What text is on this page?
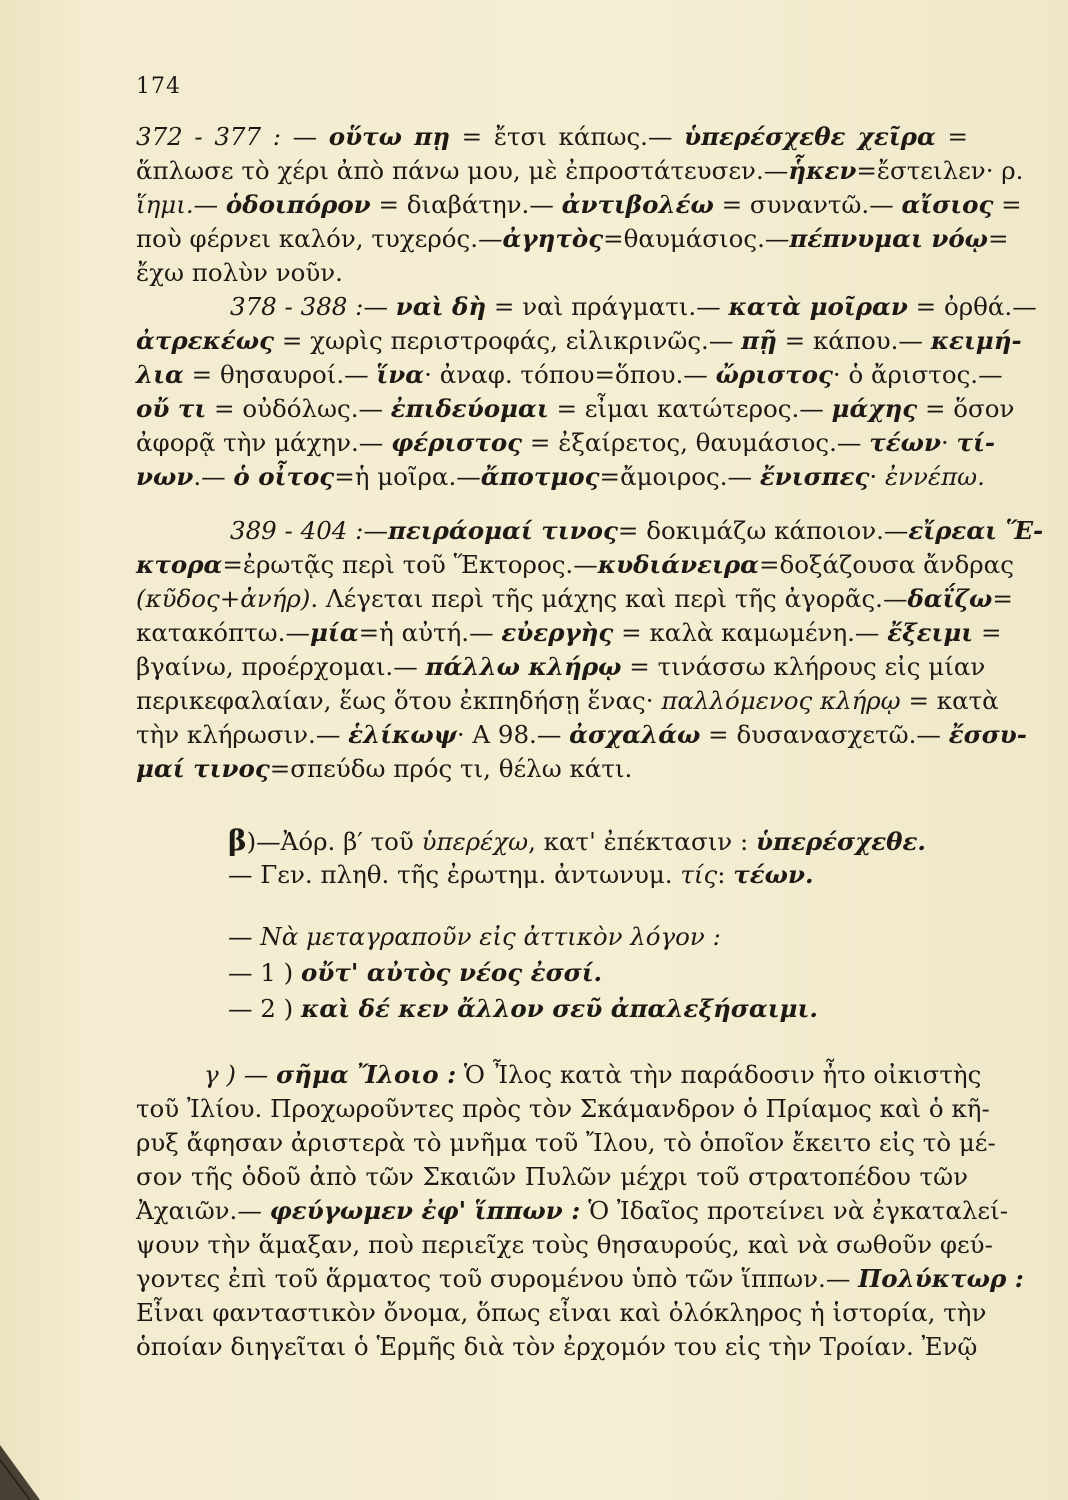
174
372 - 377 : — οὕτω πῃ = ἔτσι κάπως.— ὑπερέσχεθε χεῖρα =
ἅπλωσε τὸ χέρι ἀπὸ πάνω μου, μὲ ἐπροστάτευσεν.—ἧκεν=ἔστειλεν· ρ.
ἵημι.— ὁδοιπόρον = διαβάτην.— ἀντιβολέω = συναντῶ.— αἴσιος =
ποὺ φέρνει καλόν, τυχερός.—ἀγητὸς=θαυμάσιος.—πέπνυμαι νόῳ=
ἔχω πολὺν νοῦν.
378 - 388 :— ναὶ δὴ = ναὶ πράγματι.— κατὰ μοῖραν = ὀρθά.—
ἀτρεκέως = χωρὶς περιστροφάς, εἰλικρινῶς.— πῇ = κάπου.— κειμή-
λια = θησαυροί.— ἵνα· ἀναφ. τόπου=ὅπου.— ὤριστος· ὁ ἄριστος.—
οὔ τι = οὐδόλως.— ἐπιδεύομαι = εἶμαι κατώτερος.— μάχης = ὅσον
ἀφορᾷ τὴν μάχην.— φέριστος = ἐξαίρετος, θαυμάσιος.— τέων· τί-
νων.— ὁ οἶτος=ἡ μοῖρα.—ἄποτμος=ἄμοιρος.— ἔνισπες· ἐννέπω.
389 - 404 :—πειράομαί τινος= δοκιμάζω κάποιον.—εἴρεαι Ἕ-
κτορα=ἐρωτᾷς περὶ τοῦ Ἕκτορος.—κυδιάνειρα=δοξάζουσα ἄνδρας
(κῦδος+ἀνήρ). Λέγεται περὶ τῆς μάχης καὶ περὶ τῆς ἀγορᾶς.—δαΐζω=
κατακόπτω.—μία=ἡ αὐτή.— εὐεργὴς = καλὰ καμωμένη.— ἔξειμι =
βγαίνω, προέρχομαι.— πάλλω κλήρῳ = τινάσσω κλήρους εἰς μίαν
περικεφαλαίαν, ἕως ὅτου ἐκπηδήσῃ ἕνας· παλλόμενος κλήρῳ = κατὰ
τὴν κλήρωσιν.— ἑλίκωψ· Α 98.— ἀσχαλάω = δυσανασχετῶ.— ἔσσυ-
μαί τινος=σπεύδω πρός τι, θέλω κάτι.
β)—Ἀόρ. β′ τοῦ ὑπερέχω, κατ' ἐπέκτασιν : ὑπερέσχεθε.
— Γεν. πληθ. τῆς ἐρωτημ. ἀντωνυμ. τίς: τέων.
— Νὰ μεταγραποῦν εἰς ἀττικὸν λόγον :
— 1 ) οὔτ' αὐτὸς νέος ἐσσί.
— 2 ) καὶ δέ κεν ἄλλον σεῦ ἀπαλεξήσαιμι.
γ ) — σῆμα Ἴλοιο : Ὁ Ἶλος κατὰ τὴν παράδοσιν ἦτο οἰκιστὴς
τοῦ Ἰλίου. Προχωροῦντες πρὸς τὸν Σκάμανδρον ὁ Πρίαμος καὶ ὁ κῆ-
ρυξ ἄφησαν ἀριστερὰ τὸ μνῆμα τοῦ Ἴλου, τὸ ὁποῖον ἔκειτο εἰς τὸ μέ-
σον τῆς ὁδοῦ ἀπὸ τῶν Σκαιῶν Πυλῶν μέχρι τοῦ στρατοπέδου τῶν
Ἀχαιῶν.— φεύγωμεν ἐφ' ἵππων : Ὁ Ἰδαῖος προτείνει νὰ ἐγκαταλεί-
ψουν τὴν ἅμαξαν, ποὺ περιεῖχε τοὺς θησαυρούς, καὶ νὰ σωθοῦν φεύ-
γοντες ἐπὶ τοῦ ἅρματος τοῦ συρομένου ὑπὸ τῶν ἵππων.— Πολύκτωρ :
Εἶναι φανταστικὸν ὄνομα, ὅπως εἶναι καὶ ὁλόκληρος ἡ ἱστορία, τὴν
ὁποίαν διηγεῖται ὁ Ἑρμῆς διὰ τὸν ἐρχομόν του εἰς τὴν Τροίαν. Ἐνῷ
